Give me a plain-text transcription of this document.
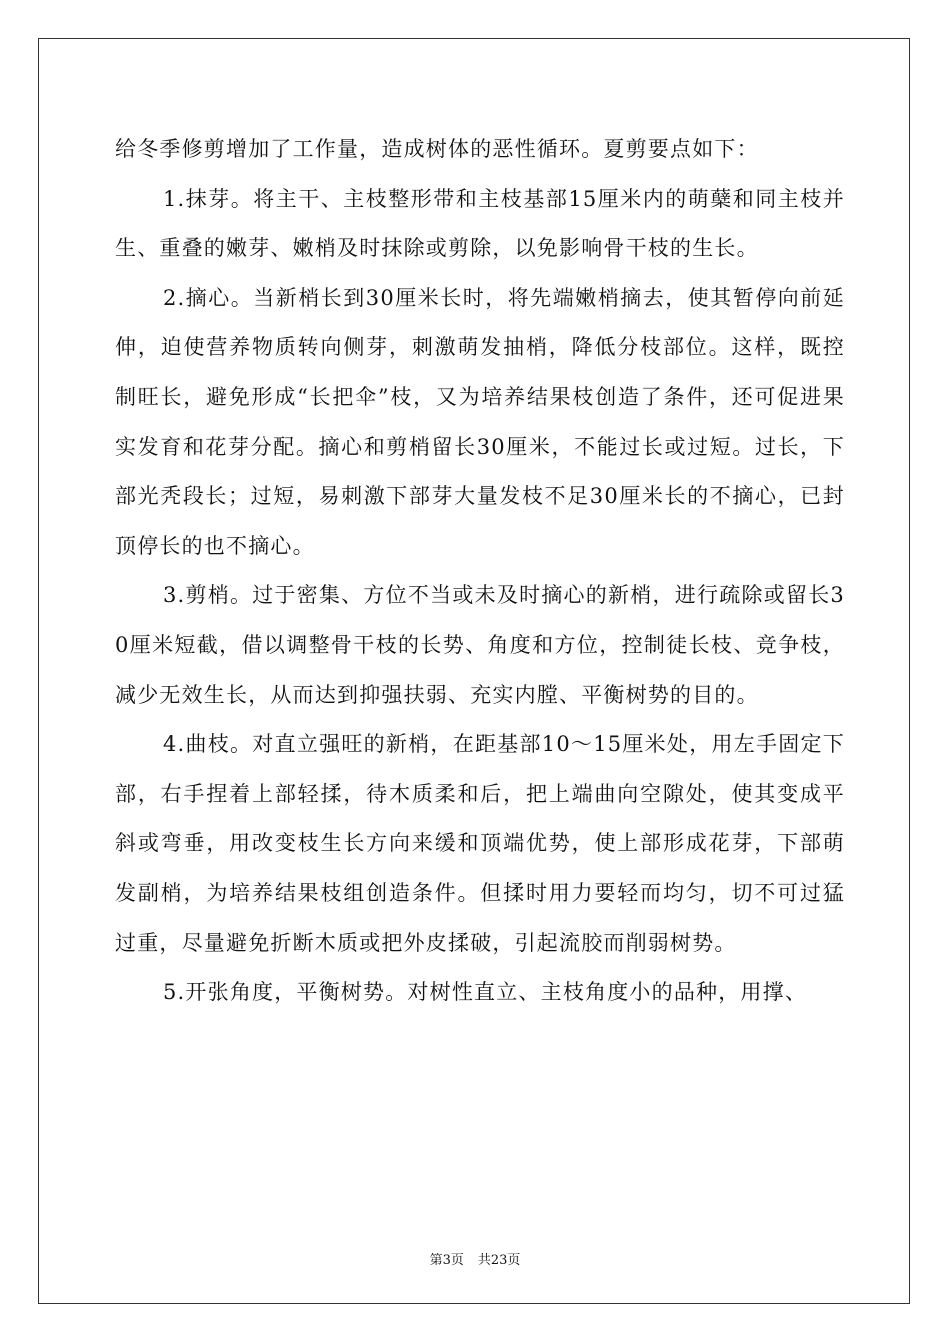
给冬季修剪增加了工作量，造成树体的恶性循环。夏剪要点如下：

1.抹芽。将主干、主枝整形带和主枝基部15厘米内的萌蘖和同主枝并生、重叠的嫩芽、嫩梢及时抹除或剪除，以免影响骨干枝的生长。

2.摘心。当新梢长到30厘米长时，将先端嫩梢摘去，使其暂停向前延伸，迫使营养物质转向侧芽，刺激萌发抽梢，降低分枝部位。这样，既控制旺长，避免形成“长把伞”枝，又为培养结果枝创造了条件，还可促进果实发育和花芽分配。摘心和剪梢留长30厘米，不能过长或过短。过长，下部光秃段长；过短，易刺激下部芽大量发枝不足30厘米长的不摘心，已封顶停长的也不摘心。

3.剪梢。过于密集、方位不当或未及时摘心的新梢，进行疏除或留长30厘米短截，借以调整骨干枝的长势、角度和方位，控制徒长枝、竞争枝，减少无效生长，从而达到抑强扶弱、充实内膛、平衡树势的目的。

4.曲枝。对直立强旺的新梢，在距基部10～15厘米处，用左手固定下部，右手捏着上部轻揉，待木质柔和后，把上端曲向空隙处，使其变成平斜或弯垂，用改变枝生长方向来缓和顶端优势，使上部形成花芽，下部萌发副梢，为培养结果枝组创造条件。但揉时用力要轻而均匀，切不可过猛过重，尽量避免折断木质或把外皮揉破，引起流胶而削弱树势。

5.开张角度，平衡树势。对树性直立、主枝角度小的品种，用撑、

第3页 共23页
